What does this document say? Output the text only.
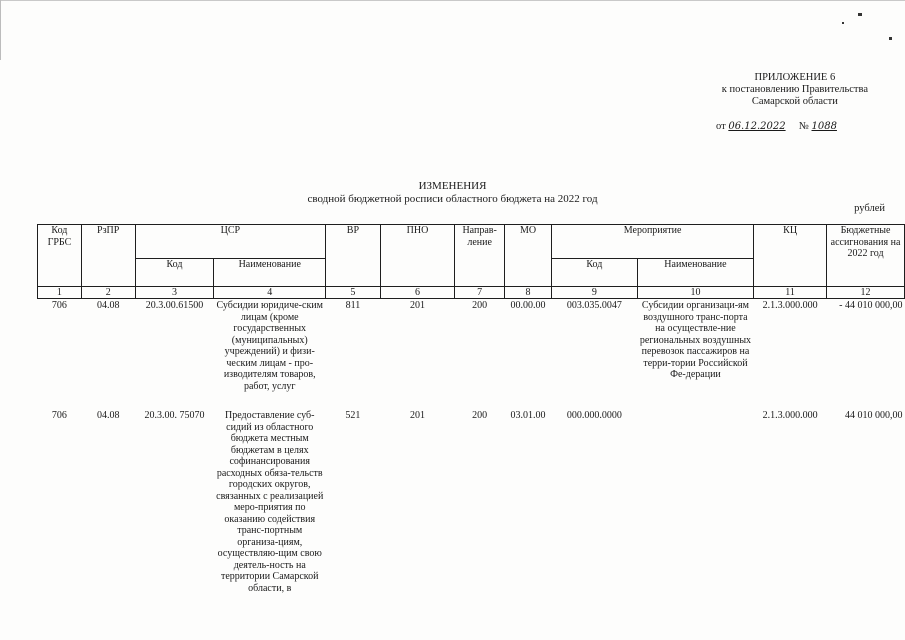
ПРИЛОЖЕНИЕ 6
к постановлению Правительства
Самарской области
от 06.12.2022 № 1088
ИЗМЕНЕНИЯ
сводной бюджетной росписи областного бюджета на 2022 год
рублей
Код ГРБС	РзПР	ЦСР		ВР	ПНО	Направ-ление	МО	Мероприятие		КЦ	Бюджетные ассигнования на 2022 год
		Код	Наименование					Код	Наименование		
1	2	3	4	5	6	7	8	9	10	11	12
706	04.08	20.3.00.61500	Субсидии юридиче-ским лицам (кроме государственных (муниципальных) учреждений) и физи-ческим лицам - про-изводителям товаров, работ, услуг	811	201	200	00.00.00	003.035.0047	Субсидии организаци-ям воздушного транс-порта на осуществле-ние региональных воздушных перевозок пассажиров на терри-тории Российской Фе-дерации	2.1.3.000.000	- 44 010 000,00
706	04.08	20.3.00. 75070	Предоставление суб-сидий из областного бюджета местным бюджетам в целях софинансирования расходных обяза-тельств городских округов, связанных с реализацией меро-приятия по оказанию содействия транс-портным организа-циям, осуществляю-щим свою деятель-ность на территории Самарской области, в	521	201	200	03.01.00	000.000.0000		2.1.3.000.000	44 010 000,00
